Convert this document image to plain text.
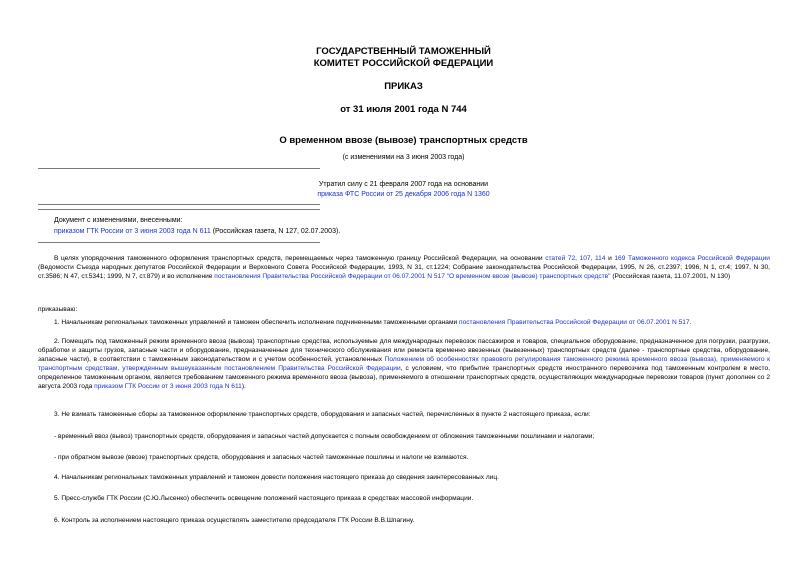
ГОСУДАРСТВЕННЫЙ ТАМОЖЕННЫЙ
КОМИТЕТ РОССИЙСКОЙ ФЕДЕРАЦИИ
ПРИКАЗ
от 31 июля 2001 года N 744
О временном ввозе (вывозе) транспортных средств
(с изменениями на 3 июня 2003 года)
Утратил силу с 21 февраля 2007 года на основании
приказа ФТС России от 25 декабря 2006 года N 1360
Документ с изменениями, внесенными:
приказом ГТК России от 3 июня 2003 года N 611 (Российская газета, N 127, 02.07.2003).
В целях упорядочения таможенного оформления транспортных средств, перемещаемых через таможенную границу Российской Федерации, на основании статей 72, 107, 114 и 169 Таможенного кодекса Российской Федерации (Ведомости Съезда народных депутатов Российской Федерации и Верховного Совета Российской Федерации, 1993, N 31, ст.1224; Собрание законодательства Российской Федерации, 1995, N 26, ст.2397; 1996, N 1, ст.4; 1997, N 30, ст.3586; N 47, ст.5341; 1999, N 7, ст.879) и во исполнение постановления Правительства Российской Федерации от 06.07.2001 N 517 "О временном ввозе (вывозе) транспортных средств" (Российская газета, 11.07.2001, N 130)
приказываю:
1. Начальникам региональных таможенных управлений и таможен обеспечить исполнение подчиненными таможенными органами постановления Правительства Российской Федерации от 06.07.2001 N 517.
2. Помещать под таможенный режим временного ввоза (вывоза) транспортные средства, используемые для международных перевозок пассажиров и товаров, специальное оборудование, предназначенное для погрузки, разгрузки, обработки и защиты грузов, запасные части и оборудование, предназначенные для технического обслуживания или ремонта временно ввезенных (вывезенных) транспортных средств (далее - транспортные средства, оборудование, запасные части), в соответствии с таможенным законодательством и с учетом особенностей, установленных Положением об особенностях правового регулирования таможенного режима временного ввоза (вывоза), применяемого к транспортным средствам, утвержденным вышеуказанным постановлением Правительства Российской Федерации, с условием, что прибытие транспортных средств иностранного перевозчика под таможенным контролем в место, определенное таможенным органом, является требованием таможенного режима временного ввоза (вывоза), применяемого в отношении транспортных средств, осуществляющих международные перевозки товаров (пункт дополнен со 2 августа 2003 года приказом ГТК России от 3 июня 2003 года N 611).
3. Не взимать таможенные сборы за таможенное оформление транспортных средств, оборудования и запасных частей, перечисленных в пункте 2 настоящего приказа, если:
- временный ввоз (вывоз) транспортных средств, оборудования и запасных частей допускается с полным освобождением от обложения таможенными пошлинами и налогами;
- при обратном вывозе (ввозе) транспортных средств, оборудования и запасных частей таможенные пошлины и налоги не взимаются.
4. Начальникам региональных таможенных управлений и таможен довести положения настоящего приказа до сведения заинтересованных лиц.
5. Пресс-службе ГТК России (С.Ю.Лысенко) обеспечить освещение положений настоящего приказа в средствах массовой информации.
6. Контроль за исполнением настоящего приказа осуществлять заместителю председателя ГТК России В.В.Шпагину.
